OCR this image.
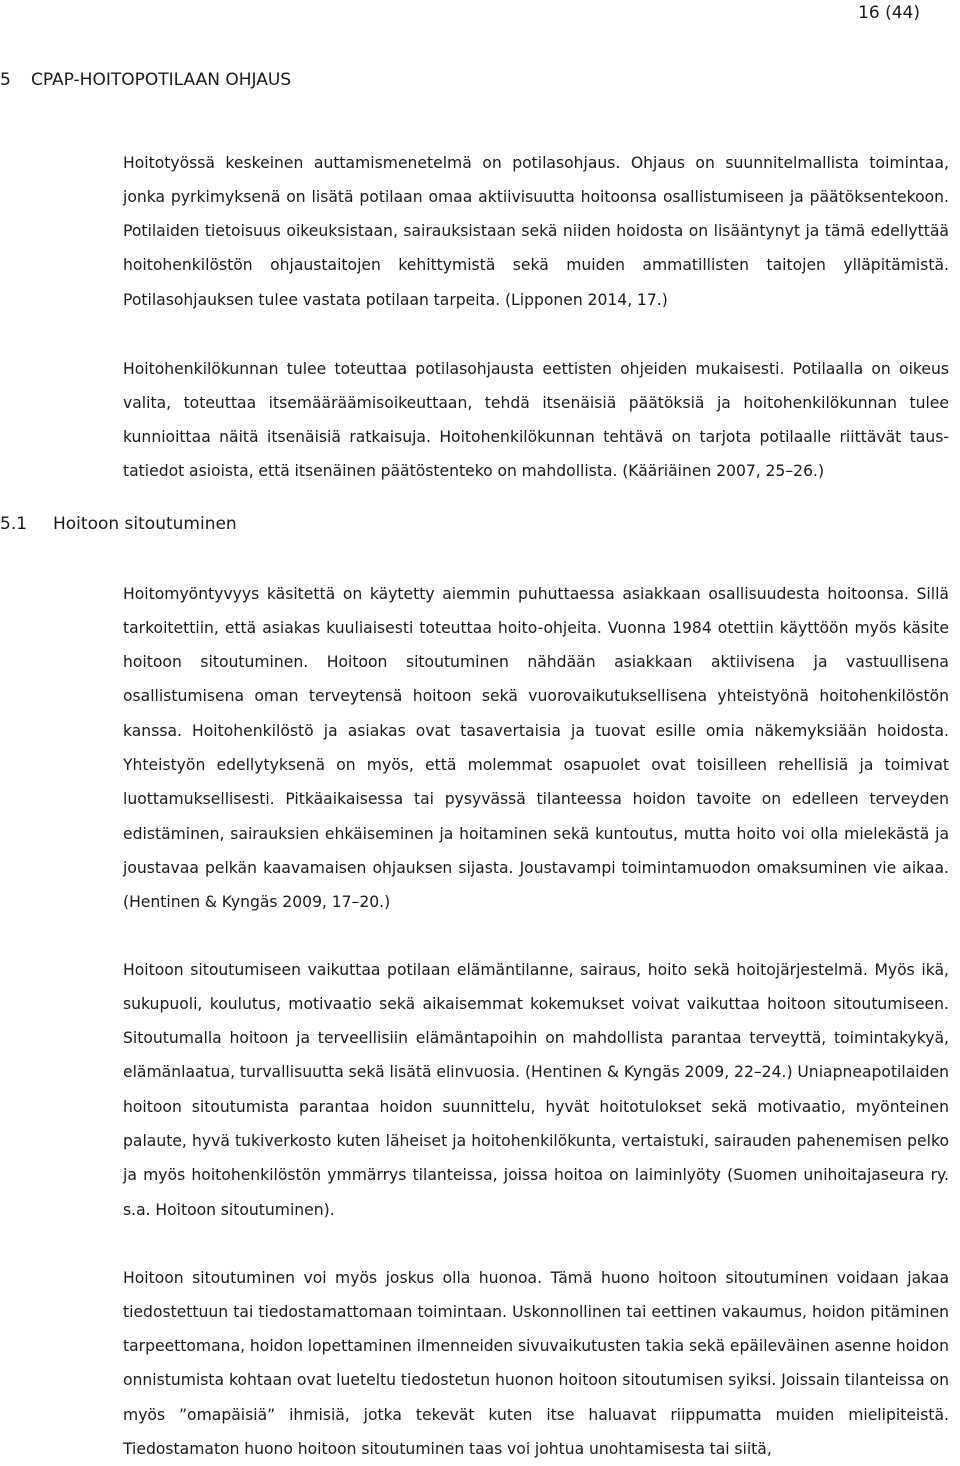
16 (44)
5 CPAP-HOITOPOTILAAN OHJAUS

Hoitotyössä keskeinen auttamismenetelmä on potilasohjaus. Ohjaus on suunnitelmallista toimintaa, jonka pyrkimyksenä on lisätä potilaan omaa aktiivisuutta hoitoonsa osallistumiseen ja päätöksentekoon. Potilaiden tietoisuus oikeuksistaan, sairauksistaan sekä niiden hoidosta on lisääntynyt ja tämä edellyttää hoitohenkilöstön ohjaustaitojen kehittymistä sekä muiden ammatillisten taitojen ylläpitämistä. Potilasohjauksen tulee vastata potilaan tarpeita. (Lipponen 2014, 17.)

Hoitohenkilökunnan tulee toteuttaa potilasohjausta eettisten ohjeiden mukaisesti. Potilaalla on oikeus valita, toteuttaa itsemääräämisoikeuttaan, tehdä itsenäisiä päätöksiä ja hoitohenkilökunnan tulee kunnioittaa näitä itsenäisiä ratkaisuja. Hoitohenkilökunnan tehtävä on tarjota potilaalle riittävät taustatiedot asioista, että itsenäinen päätöstenteko on mahdollista. (Kääriäinen 2007, 25–26.)

5.1 Hoitoon sitoutuminen

Hoitomyöntyvyys käsitettä on käytetty aiemmin puhuttaessa asiakkaan osallisuudesta hoitoonsa. Sillä tarkoitettiin, että asiakas kuuliaisesti toteuttaa hoito-ohjeita. Vuonna 1984 otettiin käyttöön myös käsite hoitoon sitoutuminen. Hoitoon sitoutuminen nähdään asiakkaan aktiivisena ja vastuullisena osallistumisena oman terveytensä hoitoon sekä vuorovaikutuksellisena yhteistyönä hoitohenkilöstön kanssa. Hoitohenkilöstö ja asiakas ovat tasavertaisia ja tuovat esille omia näkemyksiään hoidosta. Yhteistyön edellytyksenä on myös, että molemmat osapuolet ovat toisilleen rehellisiä ja toimivat luottamuksellisesti. Pitkäaikaisessa tai pysyvässä tilanteessa hoidon tavoite on edelleen terveyden edistäminen, sairauksien ehkäiseminen ja hoitaminen sekä kuntoutus, mutta hoito voi olla mielekästä ja joustavaa pelkän kaavamaisen ohjauksen sijasta. Joustavampi toimintamuodon omaksuminen vie aikaa. (Hentinen & Kyngäs 2009, 17–20.)

Hoitoon sitoutumiseen vaikuttaa potilaan elämäntilanne, sairaus, hoito sekä hoitojärjestelmä. Myös ikä, sukupuoli, koulutus, motivaatio sekä aikaisemmat kokemukset voivat vaikuttaa hoitoon sitoutumiseen. Sitoutumalla hoitoon ja terveellisiin elämäntapoihin on mahdollista parantaa terveyttä, toimintakykyä, elämänlaatua, turvallisuutta sekä lisätä elinvuosia. (Hentinen & Kyngäs 2009, 22–24.) Uniapneapotilaiden hoitoon sitoutumista parantaa hoidon suunnittelu, hyvät hoitotulokset sekä motivaatio, myönteinen palaute, hyvä tukiverkosto kuten läheiset ja hoitohenkilökunta, vertaistuki, sairauden pahenemisen pelko ja myös hoitohenkilöstön ymmärrys tilanteissa, joissa hoitoa on laiminlyöty (Suomen unihoitajaseura ry. s.a. Hoitoon sitoutuminen).

Hoitoon sitoutuminen voi myös joskus olla huonoa. Tämä huono hoitoon sitoutuminen voidaan jakaa tiedostettuun tai tiedostamattomaan toimintaan. Uskonnollinen tai eettinen vakaumus, hoidon pitäminen tarpeettomana, hoidon lopettaminen ilmenneiden sivuvaikutusten takia sekä epäileväinen asenne hoidon onnistumista kohtaan ovat lueteltu tiedostetun huonon hoitoon sitoutumisen syiksi. Joissain tilanteissa on myös ”omapäisiä” ihmisiä, jotka tekevät kuten itse haluavat riippumatta muiden mielipiteistä. Tiedostamaton huono hoitoon sitoutuminen taas voi johtua unohtamisesta tai siitä,
